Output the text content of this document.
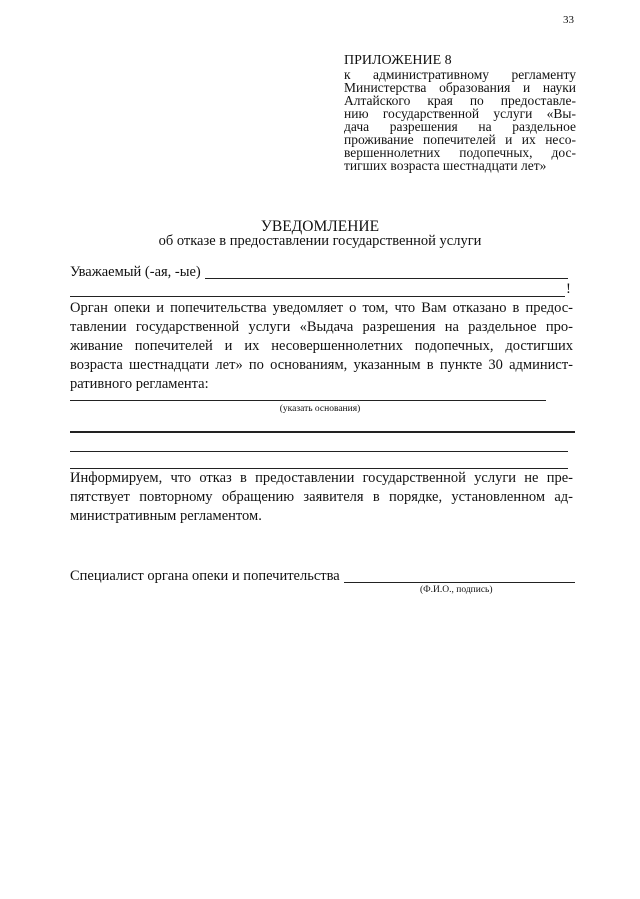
33
ПРИЛОЖЕНИЕ 8
к административному регламенту
Министерства образования и науки
Алтайского края по предоставле-
нию государственной услуги «Вы-
дача разрешения на раздельное
проживание попечителей и их несо-
вершеннолетних подопечных, дос-
тигших возраста шестнадцати лет»
УВЕДОМЛЕНИЕ
об отказе в предоставлении государственной услуги
Уважаемый (-ая, -ые)
!
Орган опеки и попечительства уведомляет о том, что Вам отказано в предос-
тавлении государственной услуги «Выдача разрешения на раздельное про-
живание попечителей и их несовершеннолетних подопечных, достигших
возраста шестнадцати лет» по основаниям, указанным в пункте 30 админист-
ративного регламента:
(указать основания)
Информируем, что отказ в предоставлении государственной услуги не пре-
пятствует повторному обращению заявителя в порядке, установленном ад-
министративным регламентом.
Специалист органа опеки и попечительства
(Ф.И.О., подпись)
